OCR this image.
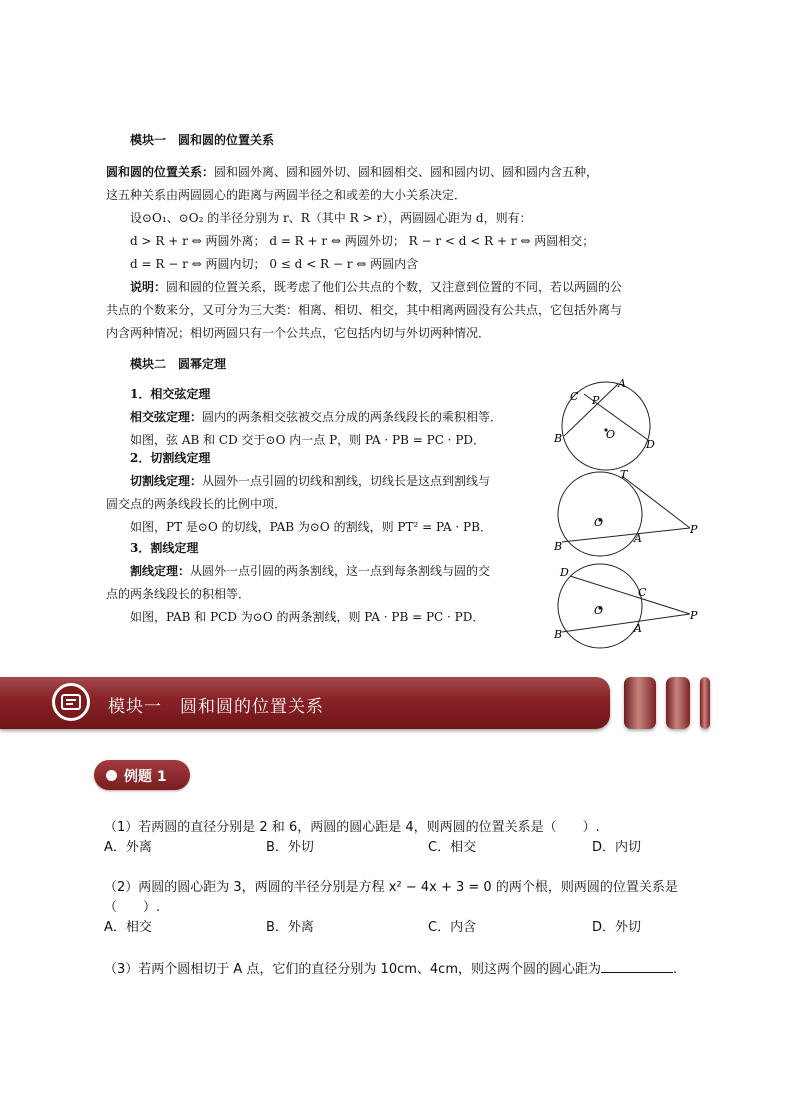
模块一　圆和圆的位置关系
圆和圆的位置关系：圆和圆外离、圆和圆外切、圆和圆相交、圆和圆内切、圆和圆内含五种，
这五种关系由两圆圆心的距离与两圆半径之和或差的大小关系决定．
设⊙O₁、⊙O₂ 的半径分别为 r、R（其中 R > r），两圆圆心距为 d，则有：
d > R + r ⇔ 两圆外离； d = R + r ⇔ 两圆外切； R − r < d < R + r ⇔ 两圆相交；
d = R − r ⇔ 两圆内切； 0 ≤ d < R − r ⇔ 两圆内含
说明：圆和圆的位置关系，既考虑了他们公共点的个数，又注意到位置的不同，若以两圆的公
共点的个数来分，又可分为三大类：相离、相切、相交，其中相离两圆没有公共点，它包括外离与
内含两种情况；相切两圆只有一个公共点，它包括内切与外切两种情况．
模块二　圆幂定理
1．相交弦定理
相交弦定理：圆内的两条相交弦被交点分成的两条线段长的乘积相等．
如图，弦 AB 和 CD 交于⊙O 内一点 P，则 PA · PB = PC · PD．
2．切割线定理
切割线定理：从圆外一点引圆的切线和割线，切线长是这点到割线与
圆交点的两条线段长的比例中项．
如图，PT 是⊙O 的切线，PAB 为⊙O 的割线，则 PT² = PA · PB．
3．割线定理
割线定理：从圆外一点引圆的两条割线，这一点到每条割线与圆的交
点的两条线段长的积相等．
如图，PAB 和 PCD 为⊙O 的两条割线，则 PA · PB = PC · PD．
A
B
C
D
P
O
T
P
A
B
O
D
C
P
A
B
O
模块一　圆和圆的位置关系
例题 1
（1）若两圆的直径分别是 2 和 6，两圆的圆心距是 4，则两圆的位置关系是（　　）.
A．外离	B．外切	C．相交	D．内切
（2）两圆的圆心距为 3，两圆的半径分别是方程 x² − 4x + 3 = 0 的两个根，则两圆的位置关系是
（　　）.
A．相交	B．外离	C．内含	D．外切
（3）若两个圆相切于 A 点，它们的直径分别为 10cm、4cm，则这两个圆的圆心距为	.
